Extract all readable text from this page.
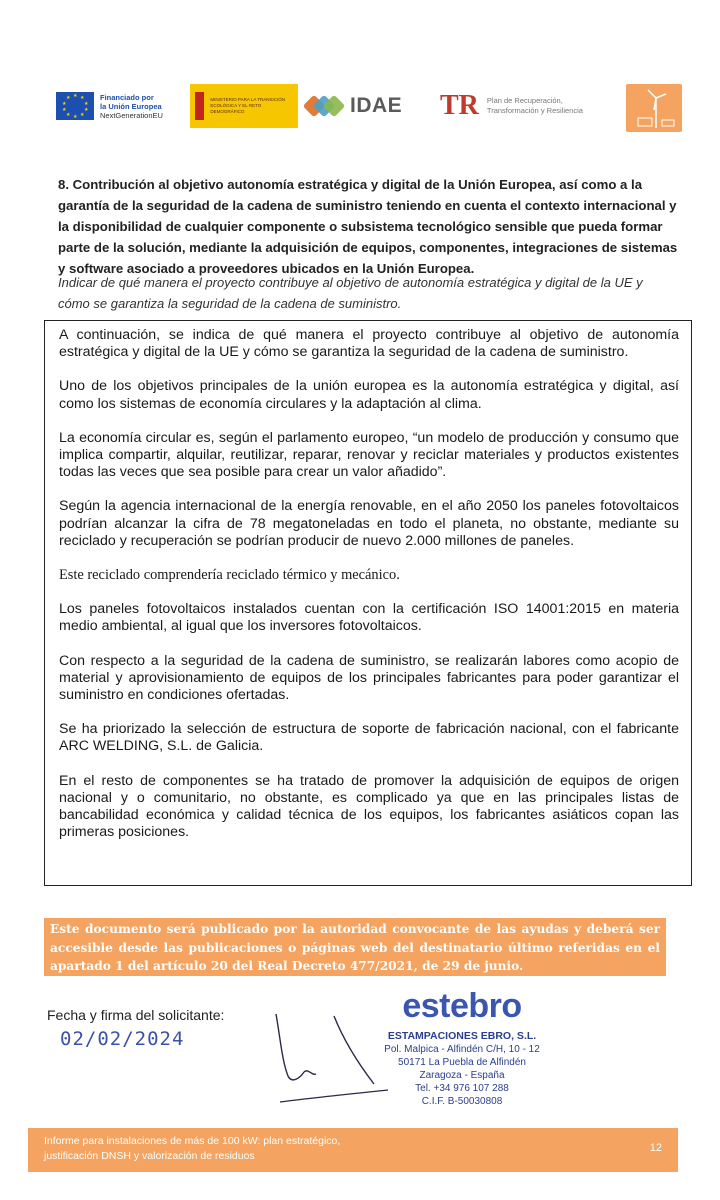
★ ★
★
★
★
★
★
★
★
★	Financiado por
la Unión Europea
NextGenerationEU
MINISTERIO PARA LA TRANSICIÓN ECOLÓGICA Y EL RETO DEMOGRÁFICO	IDAE TR Plan de Recuperación,
Transformación y Resiliencia
8. Contribución al objetivo autonomía estratégica y digital de la Unión Europea, así como a la garantía de la seguridad de la cadena de suministro teniendo en cuenta el contexto internacional y la disponibilidad de cualquier componente o subsistema tecnológico sensible que pueda formar parte de la solución, mediante la adquisición de equipos, componentes, integraciones de sistemas y software asociado a proveedores ubicados en la Unión Europea.
Indicar de qué manera el proyecto contribuye al objetivo de autonomía estratégica y digital de la UE y cómo se garantiza la seguridad de la cadena de suministro.

A continuación, se indica de qué manera el proyecto contribuye al objetivo de autonomía estratégica y digital de la UE y cómo se garantiza la seguridad de la cadena de suministro.

Uno de los objetivos principales de la unión europea es la autonomía estratégica y digital, así como los sistemas de economía circulares y la adaptación al clima.

La economía circular es, según el parlamento europeo, “un modelo de producción y consumo que implica compartir, alquilar, reutilizar, reparar, renovar y reciclar materiales y productos existentes todas las veces que sea posible para crear un valor añadido”.

Según la agencia internacional de la energía renovable, en el año 2050 los paneles fotovoltaicos podrían alcanzar la cifra de 78 megatoneladas en todo el planeta, no obstante, mediante su reciclado y recuperación se podrían producir de nuevo 2.000 millones de paneles.

Este reciclado comprendería reciclado térmico y mecánico.

Los paneles fotovoltaicos instalados cuentan con la certificación ISO 14001:2015 en materia medio ambiental, al igual que los inversores fotovoltaicos.

Con respecto a la seguridad de la cadena de suministro, se realizarán labores como acopio de material y aprovisionamiento de equipos de los principales fabricantes para poder garantizar el suministro en condiciones ofertadas.

Se ha priorizado la selección de estructura de soporte de fabricación nacional, con el fabricante ARC WELDING, S.L. de Galicia.

En el resto de componentes se ha tratado de promover la adquisición de equipos de origen nacional y o comunitario, no obstante, es complicado ya que en las principales listas de bancabilidad económica y calidad técnica de los equipos, los fabricantes asiáticos copan las primeras posiciones.

Este documento será publicado por la autoridad convocante de las ayudas y deberá ser accesible desde las publicaciones o páginas web del destinatario último referidas en el apartado 1 del artículo 20 del Real Decreto 477/2021, de 29 de junio.

Fecha y firma del solicitante:
02/02/2024
estebro
ESTAMPACIONES EBRO, S.L.
Pol. Malpica - Alfindén C/H, 10 - 12
50171 La Puebla de Alfindén
Zaragoza - España
Tel. +34 976 107 288
C.I.F. B-50030808
Informe para instalaciones de más de 100 kW: plan estratégico,
justificación DNSH y valorización de residuos
12
